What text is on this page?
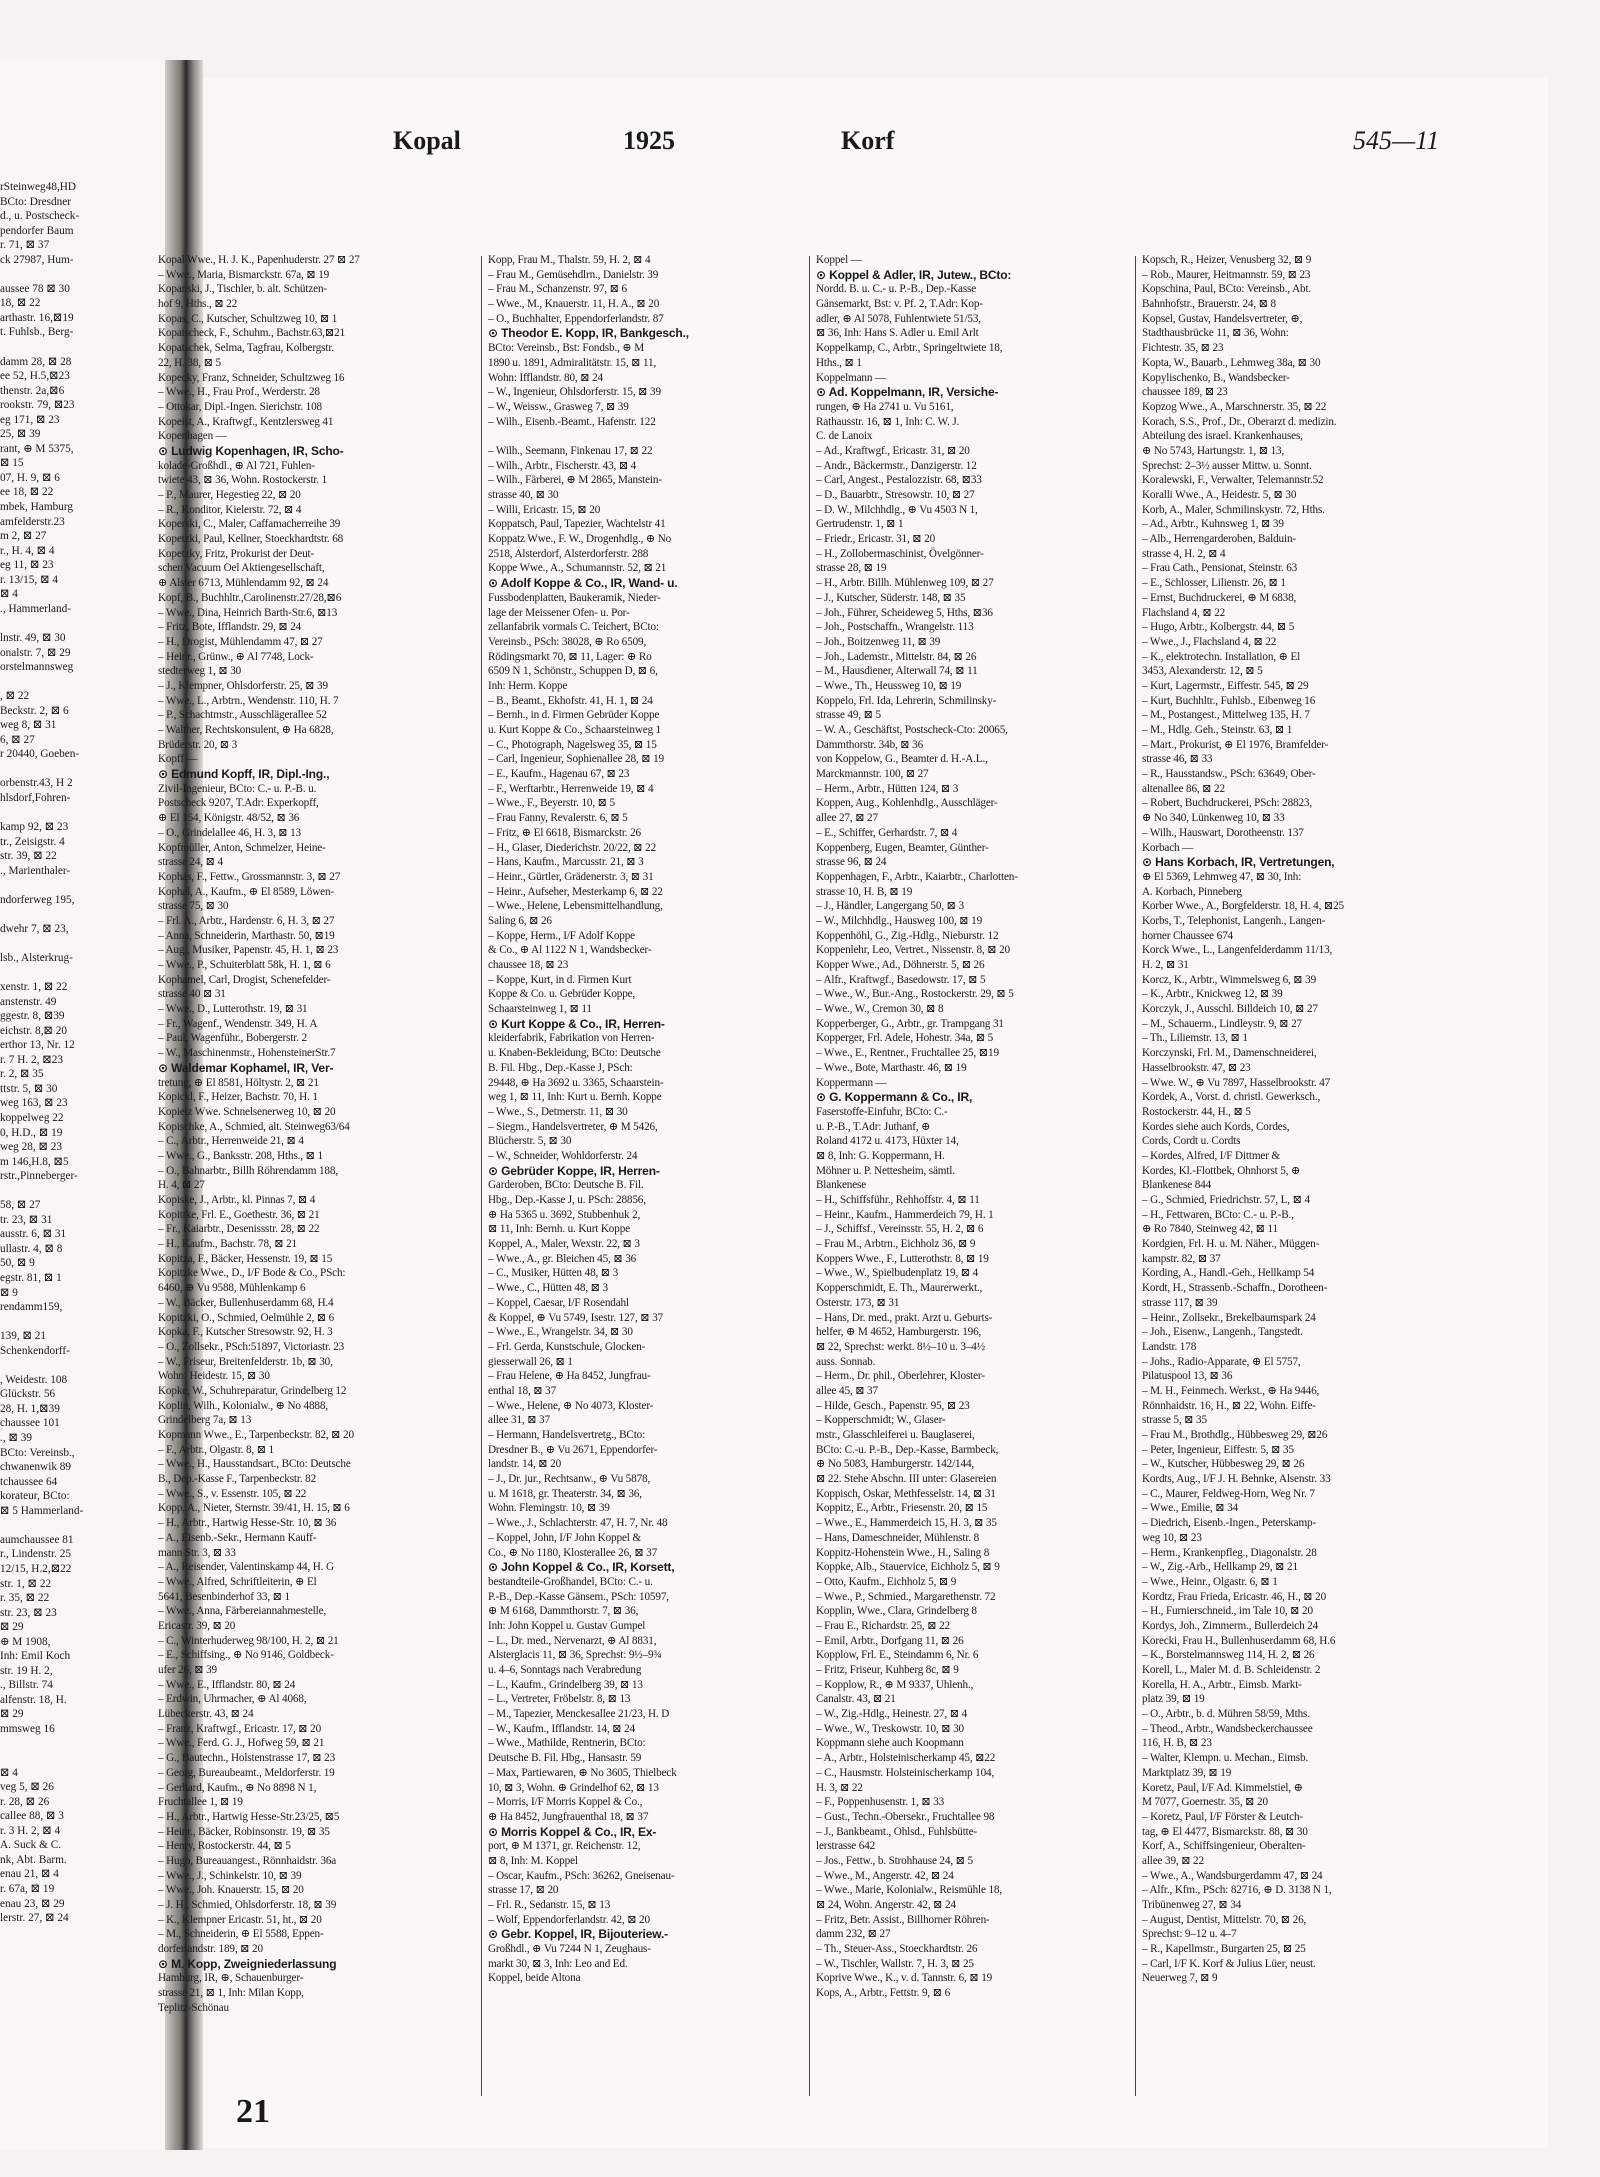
rSteinweg48,HD
BCto: Dresdner
d., u. Postscheck-
pendorfer Baum
r. 71, ⊠ 37
ck 27987, Hum-
aussee 78 ⊠ 30
18, ⊠ 22
arthastr. 16,⊠19
t. Fuhlsb., Berg-
damm 28, ⊠ 28
ee 52, H.5,⊠23
thenstr. 2a,⊠6
rookstr. 79, ⊠23
eg 171, ⊠ 23
25, ⊠ 39
rant, ⊕ M 5375,
⊠ 15
07, H. 9, ⊠ 6
ee 18, ⊠ 22
mbek, Hamburg
amfelderstr.23
m 2, ⊠ 27
r., H. 4, ⊠ 4
eg 11, ⊠ 23
r. 13/15, ⊠ 4
⊠ 4
., Hammerland-
lnstr. 49, ⊠ 30
onalstr. 7, ⊠ 29
orstelmannsweg
, ⊠ 22
Beckstr. 2, ⊠ 6
weg 8, ⊠ 31
6, ⊠ 27
r 20440, Goeben-
orbenstr.43, H 2
hlsdorf,Fohren-
kamp 92, ⊠ 23
tr., Zeisigstr. 4
str. 39, ⊠ 22
., Marienthaler-
ndorferweg 195,
dwehr 7, ⊠ 23,
lsb., Alsterkrug-
xenstr. 1, ⊠ 22
anstenstr. 49
ggestr. 8, ⊠39
eichstr. 8,⊠ 20
erthor 13, Nr. 12
r. 7 H. 2, ⊠23
r. 2, ⊠ 35
ttstr. 5, ⊠ 30
weg 163, ⊠ 23
koppelweg 22
0, H.D., ⊠ 19
weg 28, ⊠ 23
m 146,H.8, ⊠5
rstr.,Pinneberger-
58, ⊠ 27
tr. 23, ⊠ 31
ausstr. 6, ⊠ 31
ullastr. 4, ⊠ 8
50, ⊠ 9
egstr. 81, ⊠ 1
⊠ 9
rendamm159,
139, ⊠ 21
Schenkendorff-
, Weidestr. 108
Glückstr. 56
28, H. 1,⊠39
chaussee 101
., ⊠ 39
BCto: Vereinsb.,
chwanenwik 89
tchaussee 64
korateur, BCto:
⊠ 5 Hammerland-
aumchaussee 81
r., Lindenstr. 25
12/15, H.2,⊠22
str. 1, ⊠ 22
r. 35, ⊠ 22
str. 23, ⊠ 23
⊠ 29
⊕ M 1908,
Inh: Emil Koch
str. 19 H. 2,
., Billstr. 74
alfenstr. 18, H.
⊠ 29
mmsweg 16
⊠ 4
veg 5, ⊠ 26
r. 28, ⊠ 26
callee 88, ⊠ 3
r. 3 H. 2, ⊠ 4
A. Suck & C.
nk, Abt. Barm.
enau 21, ⊠ 4
r. 67a, ⊠ 19
enau 23, ⊠ 29
lerstr. 27, ⊠ 24
Kopal	1925	Korf	545—11
Kopal Wwe., H. J. K., Papenhuderstr. 27 ⊠ 27
– Wwe., Maria, Bismarckstr. 67a, ⊠ 19
Kopanski, J., Tischler, b. alt. Schützen-
hof 9, Hths., ⊠ 22
Kopas, C., Kutscher, Schultzweg 10, ⊠ 1
Kopatscheck, F., Schuhm., Bachstr.63,⊠21
Kopatschek, Selma, Tagfrau, Kolbergstr.
22, H. 38, ⊠ 5
Kopecky, Franz, Schneider, Schultzweg 16
– Wwe., H., Frau Prof., Werderstr. 28
– Ottokar, Dipl.-Ingen. Sierichstr. 108
Kopeist, A., Kraftwgf., Kentzlersweg 41
Kopenhagen —
⊙ Ludwig Kopenhagen, IR, Scho-
kolade-Großhdl., ⊕ Al 721, Fuhlen-
twiete 43, ⊠ 36, Wohn. Rostockerstr. 1
– P., Maurer, Hegestieg 22, ⊠ 20
– R., Konditor, Kielerstr. 72, ⊠ 4
Koperski, C., Maler, Caffamacherreihe 39
Kopetzki, Paul, Kellner, Stoeckhardtstr. 68
Kopetzky, Fritz, Prokurist der Deut-
schen Vacuum Oel Aktiengesellschaft,
⊕ Alster 6713, Mühlendamm 92, ⊠ 24
Kopf, B., Buchhltr.,Carolinenstr.27/28,⊠6
– Wwe., Dina, Heinrich Barth-Str.6, ⊠13
– Fritz, Bote, Ifflandstr. 29, ⊠ 24
– H., Drogist, Mühlendamm 47, ⊠ 27
– Heinr., Grünw., ⊕ Al 7748, Lock-
stedterweg 1, ⊠ 30
– J., Klempner, Ohlsdorferstr. 25, ⊠ 39
– Wwe., L., Arbtrn., Wendenstr. 110, H. 7
– P., Schachtmstr., Ausschlägerallee 52
– Walther, Rechtskonsulent, ⊕ Ha 6828,
Brüderstr. 20, ⊠ 3
Kopff —
⊙ Edmund Kopff, IR, Dipl.-Ing.,
Zivil-Ingenieur, BCto: C.- u. P.-B. u.
Postscheck 9207, T.Adr: Experkopff,
⊕ El 154, Königstr. 48/52, ⊠ 36
– O., Grindelallee 46, H. 3, ⊠ 13
Kopfmüller, Anton, Schmelzer, Heine-
strasse 24, ⊠ 4
Kophas, F., Fettw., Grossmannstr. 3, ⊠ 27
Kophal, A., Kaufm., ⊕ El 8589, Löwen-
strasse 75, ⊠ 30
– Frl. A., Arbtr., Hardenstr. 6, H. 3, ⊠ 27
– Anna, Schneiderin, Marthastr. 50, ⊠19
– Aug., Musiker, Papenstr. 45, H. 1, ⊠ 23
– Wwe., P., Schuiterblatt 58k, H. 1, ⊠ 6
Kophamel, Carl, Drogist, Schenefelder-
strasse 40 ⊠ 31
– Wwe., D., Lutterothstr. 19, ⊠ 31
– Fr., Wagenf., Wendenstr. 349, H. A
– Paul, Wagenführ., Bobergerstr. 2
– W., Maschinenmstr., HohensteinerStr.7
⊙ Waldemar Kophamel, IR, Ver-
tretung, ⊕ El 8581, Höltystr. 2, ⊠ 21
Kopickl, F., Heizer, Bachstr. 70, H. 1
Kopietz Wwe. Schnelsenerweg 10, ⊠ 20
Kopischke, A., Schmied, alt. Steinweg63/64
– C., Arbtr., Herrenweide 21, ⊠ 4
– Wwe., G., Banksstr. 208, Hths., ⊠ 1
– O., Bahnarbtr., Billh Röhrendamm 188,
H. 4, ⊠ 27
Kopiske, J., Arbtr., kl. Pinnas 7, ⊠ 4
Kopittke, Frl. E., Goethestr. 36, ⊠ 21
– Fr., Kaiarbtr., Desenissstr. 28, ⊠ 22
– H., Kaufm., Bachstr. 78, ⊠ 21
Kopitza, F., Bäcker, Hessenstr. 19, ⊠ 15
Kopitzke Wwe., D., I/F Bode & Co., PSch:
6460, ⊕ Vu 9588, Mühlenkamp 6
– W., Bäcker, Bullenhuserdamm 68, H.4
Kopitzki, O., Schmied, Oelmühle 2, ⊠ 6
Kopka, F., Kutscher Stresowstr. 92, H. 3
– O., Zollsekr., PSch:51897, Victoriastr. 23
– W., Friseur, Breitenfelderstr. 1b, ⊠ 30,
Wohn: Heidestr. 15, ⊠ 30
Kopke, W., Schuhreparatur, Grindelberg 12
Koplin, Wilh., Kolonialw., ⊕ No 4888,
Grindelberg 7a, ⊠ 13
Kopmann Wwe., E., Tarpenbeckstr. 82, ⊠ 20
– F., Arbtr., Olgastr. 8, ⊠ 1
– Wwe., H., Hausstandsart., BCto: Deutsche
B., Dep.-Kasse F., Tarpenbeckstr. 82
– Wwe., S., v. Essenstr. 105, ⊠ 22
Kopp, A., Nieter, Sternstr. 39/41, H. 15, ⊠ 6
– H., Arbtr., Hartwig Hesse-Str. 10, ⊠ 36
– A., Eisenb.-Sekr., Hermann Kauff-
mann Str. 3, ⊠ 33
– A., Reisender, Valentinskamp 44, H. G
– Wwe., Alfred, Schriftleiterin, ⊕ El
5641, Besenbinderhof 33, ⊠ 1
– Wwe., Anna, Färbereiannahmestelle,
Ericastr. 39, ⊠ 20
– C., Winterhuderweg 98/100, H. 2, ⊠ 21
– E., Schiffsing., ⊕ No 9146, Goldbeck-
ufer 26, ⊠ 39
– Wwe., E., Ifflandstr. 80, ⊠ 24
– Erdwin, Uhrmacher, ⊕ Al 4068,
Lübeckerstr. 43, ⊠ 24
– Franz, Kraftwgf., Ericastr. 17, ⊠ 20
– Wwe., Ferd. G. J., Hofweg 59, ⊠ 21
– G., Bautechn., Holstenstrasse 17, ⊠ 23
– Georg, Bureaubeamt., Meldorferstr. 19
– Gerhard, Kaufm., ⊕ No 8898 N 1,
Fruchtallee 1, ⊠ 19
– H., Arbtr., Hartwig Hesse-Str.23/25, ⊠5
– Heinr., Bäcker, Robinsonstr. 19, ⊠ 35
– Henry, Rostockerstr. 44, ⊠ 5
– Hugo, Bureauangest., Rönnhaidstr. 36a
– Wwe., J., Schinkelstr. 10, ⊠ 39
– Wwe., Joh. Knauerstr. 15, ⊠ 20
– J. H., Schmied, Ohlsdorferstr. 18, ⊠ 39
– K., Klempner Ericastr. 51, ht., ⊠ 20
– M., Schneiderin, ⊕ El 5588, Eppen-
dorferlandstr. 189, ⊠ 20
⊙ M. Kopp, Zweigniederlassung
Hamburg, IR, ⊕, Schauenburger-
strasse 21, ⊠ 1, Inh: Milan Kopp,
Teplitz-Schönau
Kopp, Frau M., Thalstr. 59, H. 2, ⊠ 4
– Frau M., Gemüsehdlrn., Danielstr. 39
– Frau M., Schanzenstr. 97, ⊠ 6
– Wwe., M., Knauerstr. 11, H. A., ⊠ 20
– O., Buchhalter, Eppendorferlandstr. 87
⊙ Theodor E. Kopp, IR, Bankgesch.,
BCto: Vereinsb., Bst: Fondsb., ⊕ M
1890 u. 1891, Admiralitätstr. 15, ⊠ 11,
Wohn: Ifflandstr. 80, ⊠ 24
– W., Ingenieur, Ohlsdorferstr. 15, ⊠ 39
– W., Weissw., Grasweg 7, ⊠ 39
– Wilh., Eisenb.-Beamt., Hafenstr. 122
– Wilh., Seemann, Finkenau 17, ⊠ 22
– Wilh., Arbtr., Fischerstr. 43, ⊠ 4
– Wilh., Färberei, ⊕ M 2865, Manstein-
strasse 40, ⊠ 30
– Willi, Ericastr. 15, ⊠ 20
Koppatsch, Paul, Tapezier, Wachtelstr 41
Koppatz Wwe., F. W., Drogenhdlg., ⊕ No
2518, Alsterdorf, Alsterdorferstr. 288
Koppe Wwe., A., Schumannstr. 52, ⊠ 21
⊙ Adolf Koppe & Co., IR, Wand- u.
Fussbodenplatten, Baukeramik, Nieder-
lage der Meissener Ofen- u. Por-
zellanfabrik vormals C. Teichert, BCto:
Vereinsb., PSch: 38028, ⊕ Ro 6509,
Rödingsmarkt 70, ⊠ 11, Lager: ⊕ Ro
6509 N 1, Schönstr., Schuppen D, ⊠ 6,
Inh: Herm. Koppe
– B., Beamt., Ekhofstr. 41, H. 1, ⊠ 24
– Bernh., in d. Firmen Gebrüder Koppe
u. Kurt Koppe & Co., Schaarsteinweg 1
– C., Photograph, Nagelsweg 35, ⊠ 15
– Carl, Ingenieur, Sophienallee 28, ⊠ 19
– E., Kaufm., Hagenau 67, ⊠ 23
– F., Werftarbtr., Herrenweide 19, ⊠ 4
– Wwe., F., Beyerstr. 10, ⊠ 5
– Frau Fanny, Revalerstr. 6, ⊠ 5
– Fritz, ⊕ El 6618, Bismarckstr. 26
– H., Glaser, Diederichstr. 20/22, ⊠ 22
– Hans, Kaufm., Marcusstr. 21, ⊠ 3
– Heinr., Gürtler, Grädenerstr. 3, ⊠ 31
– Heinr., Aufseher, Mesterkamp 6, ⊠ 22
– Wwe., Helene, Lebensmittelhandlung,
Saling 6, ⊠ 26
– Koppe, Herm., I/F Adolf Koppe
& Co., ⊕ Al 1122 N 1, Wandsbecker-
chaussee 18, ⊠ 23
– Koppe, Kurt, in d. Firmen Kurt
Koppe & Co. u. Gebrüder Koppe,
Schaarsteinweg 1, ⊠ 11
⊙ Kurt Koppe & Co., IR, Herren-
kleiderfabrik, Fabrikation von Herren-
u. Knaben-Bekleidung, BCto: Deutsche
B. Fil. Hbg., Dep.-Kasse J, PSch:
29448, ⊕ Ha 3692 u. 3365, Schaarstein-
weg 1, ⊠ 11, Inh: Kurt u. Bernh. Koppe
– Wwe., S., Detmerstr. 11, ⊠ 30
– Siegm., Handelsvertreter, ⊕ M 5426,
Blücherstr. 5, ⊠ 30
– W., Schneider, Wohldorferstr. 24
⊙ Gebrüder Koppe, IR, Herren-
Garderoben, BCto: Deutsche B. Fil.
Hbg., Dep.-Kasse J, u. PSch: 28856,
⊕ Ha 5365 u. 3692, Stubbenhuk 2,
⊠ 11, Inh: Bernh. u. Kurt Koppe
Koppel, A., Maler, Wexstr. 22, ⊠ 3
– Wwe., A., gr. Bleichen 45, ⊠ 36
– C., Musiker, Hütten 48, ⊠ 3
– Wwe., C., Hütten 48, ⊠ 3
– Koppel, Caesar, I/F Rosendahl
& Koppel, ⊕ Vu 5749, Isestr. 127, ⊠ 37
– Wwe., E., Wrangelstr. 34, ⊠ 30
– Frl. Gerda, Kunstschule, Glocken-
giesserwall 26, ⊠ 1
– Frau Helene, ⊕ Ha 8452, Jungfrau-
enthal 18, ⊠ 37
– Wwe., Helene, ⊕ No 4073, Kloster-
allee 31, ⊠ 37
– Hermann, Handelsvertretg., BCto:
Dresdner B., ⊕ Vu 2671, Eppendorfer-
landstr. 14, ⊠ 20
– J., Dr. jur., Rechtsanw., ⊕ Vu 5878,
u. M 1618, gr. Theaterstr. 34, ⊠ 36,
Wohn. Flemingstr. 10, ⊠ 39
– Wwe., J., Schlachterstr. 47, H. 7, Nr. 48
– Koppel, John, I/F John Koppel &
Co., ⊕ No 1180, Klosterallee 26, ⊠ 37
⊙ John Koppel & Co., IR, Korsett,
bestandteile-Großhandel, BCto: C.- u.
P.-B., Dep.-Kasse Gänsem., PSch: 10597,
⊕ M 6168, Dammthorstr. 7, ⊠ 36,
Inh: John Koppel u. Gustav Gumpel
– L., Dr. med., Nervenarzt, ⊕ Al 8831,
Alsterglacis 11, ⊠ 36, Sprechst: 9½–9¾
u. 4–6, Sonntags nach Verabredung
– L., Kaufm., Grindelberg 39, ⊠ 13
– L., Vertreter, Fröbelstr. 8, ⊠ 13
– M., Tapezier, Menckesallee 21/23, H. D
– W., Kaufm., Ifflandstr. 14, ⊠ 24
– Wwe., Mathilde, Rentnerin, BCto:
Deutsche B. Fil. Hbg., Hansastr. 59
– Max, Partiewaren, ⊕ No 3605, Thielbeck
10, ⊠ 3, Wohn. ⊕ Grindelhof 62, ⊠ 13
– Morris, I/F Morris Koppel & Co.,
⊕ Ha 8452, Jungfrauenthal 18, ⊠ 37
⊙ Morris Koppel & Co., IR, Ex-
port, ⊕ M 1371, gr. Reichenstr. 12,
⊠ 8, Inh: M. Koppel
– Oscar, Kaufm., PSch: 36262, Gneisenau-
strasse 17, ⊠ 20
– Frl. R., Sedanstr. 15, ⊠ 13
– Wolf, Eppendorferlandstr. 42, ⊠ 20
⊙ Gebr. Koppel, IR, Bijouteriew.-
Großhdl., ⊕ Vu 7244 N 1, Zeughaus-
markt 30, ⊠ 3, Inh: Leo and Ed.
Koppel, beide Altona
Koppel —
⊙ Koppel & Adler, IR, Jutew., BCto:
Nordd. B. u. C.- u. P.-B., Dep.-Kasse
Gänsemarkt, Bst: v. Pf. 2, T.Adr: Kop-
adler, ⊕ Al 5078, Fuhlentwiete 51/53,
⊠ 36, Inh: Hans S. Adler u. Emil Arlt
Koppelkamp, C., Arbtr., Springeltwiete 18,
Hths., ⊠ 1
Koppelmann —
⊙ Ad. Koppelmann, IR, Versiche-
rungen, ⊕ Ha 2741 u. Vu 5161,
Rathausstr. 16, ⊠ 1, Inh: C. W. J.
C. de Lanoix
– Ad., Kraftwgf., Ericastr. 31, ⊠ 20
– Andr., Bäckermstr., Danzigerstr. 12
– Carl, Angest., Pestalozzistr. 68, ⊠33
– D., Bauarbtr., Stresowstr. 10, ⊠ 27
– D. W., Milchhdlg., ⊕ Vu 4503 N 1,
Gertrudenstr. 1, ⊠ 1
– Friedr., Ericastr. 31, ⊠ 20
– H., Zollobermaschinist, Övelgönner-
strasse 28, ⊠ 19
– H., Arbtr. Billh. Mühlenweg 109, ⊠ 27
– J., Kutscher, Süderstr. 148, ⊠ 35
– Joh., Führer, Scheideweg 5, Hths, ⊠36
– Joh., Postschaffn., Wrangelstr. 113
– Joh., Boitzenweg 11, ⊠ 39
– Joh., Lademstr., Mittelstr. 84, ⊠ 26
– M., Hausdiener, Alterwall 74, ⊠ 11
– Wwe., Th., Heussweg 10, ⊠ 19
Koppelo, Frl. Ida, Lehrerin, Schmilinsky-
strasse 49, ⊠ 5
– W. A., Geschäftst, Postscheck-Cto: 20065,
Dammthorstr. 34b, ⊠ 36
von Koppelow, G., Beamter d. H.-A.L.,
Marckmannstr. 100, ⊠ 27
– Herm., Arbtr., Hütten 124, ⊠ 3
Koppen, Aug., Kohlenhdlg., Ausschläger-
allee 27, ⊠ 27
– E., Schiffer, Gerhardstr. 7, ⊠ 4
Koppenberg, Eugen, Beamter, Günther-
strasse 96, ⊠ 24
Koppenhagen, F., Arbtr., Kaiarbtr., Charlotten-
strasse 10, H. B, ⊠ 19
– J., Händler, Langergang 50, ⊠ 3
– W., Milchhdlg., Hausweg 100, ⊠ 19
Koppenhöhl, G., Zig.-Hdlg., Nieburstr. 12
Koppenlehr, Leo, Vertret., Nissenstr. 8, ⊠ 20
Kopper Wwe., Ad., Döhnerstr. 5, ⊠ 26
– Alfr., Kraftwgf., Basedowstr. 17, ⊠ 5
– Wwe., W., Bur.-Ang., Rostockerstr. 29, ⊠ 5
– Wwe., W., Cremon 30, ⊠ 8
Kopperberger, G., Arbtr., gr. Trampgang 31
Kopperger, Frl. Adele, Hohestr. 34a, ⊠ 5
– Wwe., E., Rentner., Fruchtallee 25, ⊠19
– Wwe., Bote, Marthastr. 46, ⊠ 19
Koppermann —
⊙ G. Koppermann & Co., IR,
Faserstoffe-Einfuhr, BCto: C.-
u. P.-B., T.Adr: Juthanf, ⊕
Roland 4172 u. 4173, Hüxter 14,
⊠ 8, Inh: G. Koppermann, H.
Möhner u. P. Nettesheim, sämtl.
Blankenese
– H., Schiffsführ., Rehhoffstr. 4, ⊠ 11
– Heinr., Kaufm., Hammerdeich 79, H. 1
– J., Schiffsf., Vereinsstr. 55, H. 2, ⊠ 6
– Frau M., Arbtrn., Eichholz 36, ⊠ 9
Koppers Wwe., F., Lutterothstr. 8, ⊠ 19
– Wwe., W., Spielbudenplatz 19, ⊠ 4
Kopperschmidt, E. Th., Maurerwerkt.,
Osterstr. 173, ⊠ 31
– Hans, Dr. med., prakt. Arzt u. Geburts-
helfer, ⊕ M 4652, Hamburgerstr. 196,
⊠ 22, Sprechst: werkt. 8½–10 u. 3–4½
auss. Sonnab.
– Herm., Dr. phil., Oberlehrer, Kloster-
allee 45, ⊠ 37
– Hilde, Gesch., Papenstr. 95, ⊠ 23
– Kopperschmidt; W., Glaser-
mstr., Glasschleiferei u. Bauglaserei,
BCto: C.-u. P.-B., Dep.-Kasse, Barmbeck,
⊕ No 5083, Hamburgerstr. 142/144,
⊠ 22. Stehe Abschn. III unter: Glasereien
Koppisch, Oskar, Methfesselstr. 14, ⊠ 31
Koppitz, E., Arbtr., Friesenstr. 20, ⊠ 15
– Wwe., E., Hammerdeich 15, H. 3, ⊠ 35
– Hans, Dameschneider, Mühlenstr. 8
Koppitz-Hohenstein Wwe., H., Saling 8
Koppke, Alb., Stauervice, Eichholz 5, ⊠ 9
– Otto, Kaufm., Eichholz 5, ⊠ 9
– Wwe., P., Schmied., Margarethenstr. 72
Kopplin, Wwe., Clara, Grindelberg 8
– Frau E., Richardstr. 25, ⊠ 22
– Emil, Arbtr., Dorfgang 11, ⊠ 26
Kopplow, Frl. E., Steindamm 6, Nr. 6
– Fritz, Friseur, Kuhberg 8c, ⊠ 9
– Kopplow, R., ⊕ M 9337, Uhlenh.,
Canalstr. 43, ⊠ 21
– W., Zig.-Hdlg., Heinestr. 27, ⊠ 4
– Wwe., W., Treskowstr. 10, ⊠ 30
Koppmann siehe auch Koopmann
– A., Arbtr., Holsteinischerkamp 45, ⊠22
– C., Hausmstr. Holsteinischerkamp 104,
H. 3, ⊠ 22
– F., Poppenhusenstr. 1, ⊠ 33
– Gust., Techn.-Obersekr., Fruchtallee 98
– J., Bankbeamt., Ohlsd., Fuhlsbütte-
lerstrasse 642
– Jos., Fettw., b. Strohhause 24, ⊠ 5
– Wwe., M., Angerstr. 42, ⊠ 24
– Wwe., Marie, Kolonialw., Reismühle 18,
⊠ 24, Wohn. Angerstr. 42, ⊠ 24
– Fritz, Betr. Assist., Billhorner Röhren-
damm 232, ⊠ 27
– Th., Steuer-Ass., Stoeckhardtstr. 26
– W., Tischler, Wallstr. 7, H. 3, ⊠ 25
Koprive Wwe., K., v. d. Tannstr. 6, ⊠ 19
Kops, A., Arbtr., Fettstr. 9, ⊠ 6
Kopsch, R., Heizer, Venusberg 32, ⊠ 9
– Rob., Maurer, Heitmannstr. 59, ⊠ 23
Kopschina, Paul, BCto: Vereinsb., Abt.
Bahnhofstr., Brauerstr. 24, ⊠ 8
Kopsel, Gustav, Handelsvertreter, ⊕,
Stadthausbrücke 11, ⊠ 36, Wohn:
Fichtestr. 35, ⊠ 23
Kopta, W., Bauarb., Lehmweg 38a, ⊠ 30
Kopylischenko, B., Wandsbecker-
chaussee 189, ⊠ 23
Kopzog Wwe., A., Marschnerstr. 35, ⊠ 22
Korach, S.S., Prof., Dr., Oberarzt d. medizin.
Abteilung des israel. Krankenhauses,
⊕ No 5743, Hartungstr. 1, ⊠ 13,
Sprechst: 2–3½ ausser Mittw. u. Sonnt.
Koralewski, F., Verwalter, Telemannstr.52
Koralli Wwe., A., Heidestr. 5, ⊠ 30
Korb, A., Maler, Schmilinskystr. 72, Hths.
– Ad., Arbtr., Kuhnsweg 1, ⊠ 39
– Alb., Herrengarderoben, Balduin-
strasse 4, H. 2, ⊠ 4
– Frau Cath., Pensionat, Steinstr. 63
– E., Schlosser, Lilienstr. 26, ⊠ 1
– Ernst, Buchdruckerei, ⊕ M 6838,
Flachsland 4, ⊠ 22
– Hugo, Arbtr., Kolbergstr. 44, ⊠ 5
– Wwe., J., Flachsland 4, ⊠ 22
– K., elektrotechn. Installation, ⊕ El
3453, Alexanderstr. 12, ⊠ 5
– Kurt, Lagermstr., Eiffestr. 545, ⊠ 29
– Kurt, Buchhltr., Fuhlsb., Eibenweg 16
– M., Postangest., Mittelweg 135, H. 7
– M., Hdlg. Geh., Steinstr. 63, ⊠ 1
– Mart., Prokurist, ⊕ El 1976, Bramfelder-
strasse 46, ⊠ 33
– R., Hausstandsw., PSch: 63649, Ober-
altenallee 86, ⊠ 22
– Robert, Buchdruckerei, PSch: 28823,
⊕ No 340, Lünkenweg 10, ⊠ 33
– Wilh., Hauswart, Dorotheenstr. 137
Korbach —
⊙ Hans Korbach, IR, Vertretungen,
⊕ El 5369, Lehmweg 47, ⊠ 30, Inh:
A. Korbach, Pinneberg
Korber Wwe., A., Borgfelderstr. 18, H. 4, ⊠25
Korbs, T., Telephonist, Langenh., Langen-
horner Chaussee 674
Korck Wwe., L., Langenfelderdamm 11/13,
H. 2, ⊠ 31
Korcz, K., Arbtr., Wimmelsweg 6, ⊠ 39
– K., Arbtr., Knickweg 12, ⊠ 39
Korczyk, J., Ausschl. Billdeich 10, ⊠ 27
– M., Schauerm., Lindleystr. 9, ⊠ 27
– Th., Liliemstr. 13, ⊠ 1
Korczynski, Frl. M., Damenschneiderei,
Hasselbrookstr. 47, ⊠ 23
– Wwe. W., ⊕ Vu 7897, Hasselbrookstr. 47
Kordek, A., Vorst. d. christl. Gewerksch.,
Rostockerstr. 44, H., ⊠ 5
Kordes siehe auch Kords, Cordes,
Cords, Cordt u. Cordts
– Kordes, Alfred, I/F Dittmer &
Kordes, Kl.-Flottbek, Ohnhorst 5, ⊕
Blankenese 844
– G., Schmied, Friedrichstr. 57, L, ⊠ 4
– H., Fettwaren, BCto: C.- u. P.-B.,
⊕ Ro 7840, Steinweg 42, ⊠ 11
Kordgien, Frl. H. u. M. Näher., Müggen-
kampstr. 82, ⊠ 37
Kording, A., Handl.-Geh., Hellkamp 54
Kordt, H., Strassenb.-Schaffn., Dorotheen-
strasse 117, ⊠ 39
– Heinr., Zollsekr., Brekelbaumspark 24
– Joh., Eisenw., Langenh., Tangstedt.
Landstr. 178
– Johs., Radio-Apparate, ⊕ El 5757,
Pilatuspool 13, ⊠ 36
– M. H., Feinmech. Werkst., ⊕ Ha 9446,
Rönnhaidstr. 16, H., ⊠ 22, Wohn. Eiffe-
strasse 5, ⊠ 35
– Frau M., Brothdlg., Hübbesweg 29, ⊠26
– Peter, Ingenieur, Eiffestr. 5, ⊠ 35
– W., Kutscher, Hübbesweg 29, ⊠ 26
Kordts, Aug., I/F J. H. Behnke, Alsenstr. 33
– C., Maurer, Feldweg-Horn, Weg Nr. 7
– Wwe., Emilie, ⊠ 34
– Diedrich, Eisenb.-Ingen., Peterskamp-
weg 10, ⊠ 23
– Herm., Krankenpfleg., Diagonalstr. 28
– W., Zig.-Arb., Hellkamp 29, ⊠ 21
– Wwe., Heinr., Olgastr. 6, ⊠ 1
Kordtz, Frau Frieda, Ericastr. 46, H., ⊠ 20
– H., Furnierschneid., im Tale 10, ⊠ 20
Kordys, Joh., Zimmerm., Bullerdeich 24
Korecki, Frau H., Bullenhuserdamm 68, H.6
– K., Borstelmannsweg 114, H. 2, ⊠ 26
Korell, L., Maler M. d. B. Schleidenstr. 2
Korella, H. A., Arbtr., Eimsb. Markt-
platz 39, ⊠ 19
– O., Arbtr., b. d. Mühren 58/59, Mths.
– Theod., Arbtr., Wandsbeckerchaussee
116, H. B, ⊠ 23
– Walter, Klempn. u. Mechan., Eimsb.
Marktplatz 39, ⊠ 19
Koretz, Paul, I/F Ad. Kimmelstiel, ⊕
M 7077, Goernestr. 35, ⊠ 20
– Koretz, Paul, I/F Förster & Leutch-
tag, ⊕ El 4477, Bismarckstr. 88, ⊠ 30
Korf, A., Schiffsingenieur, Oberalten-
allee 39, ⊠ 22
– Wwe., A., Wandsburgerdamm 47, ⊠ 24
– Alfr., Kfm., PSch: 82716, ⊕ D. 3138 N 1,
Tribünenweg 27, ⊠ 34
– August, Dentist, Mittelstr. 70, ⊠ 26,
Sprechst: 9–12 u. 4–7
– R., Kapellmstr., Burgarten 25, ⊠ 25
– Carl, I/F K. Korf & Julius Lüer, neust.
Neuerweg 7, ⊠ 9
21
